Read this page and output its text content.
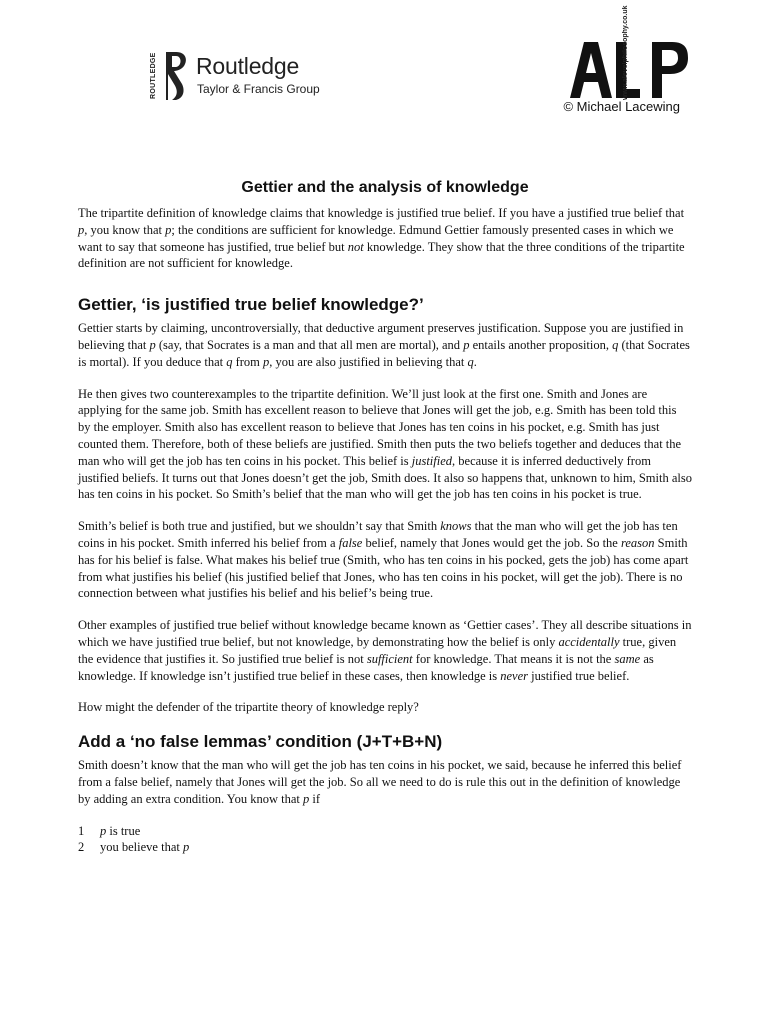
ROUTLEDGE	Routledge
Taylor & Francis Group	www.alevelphilosophy.co.uk
© Michael Lacewing
Gettier and the analysis of knowledge

The tripartite definition of knowledge claims that knowledge is justified true belief. If you have a justified true belief that p, you know that p; the conditions are sufficient for knowledge. Edmund Gettier famously presented cases in which we want to say that someone has justified, true belief but not knowledge. They show that the three conditions of the tripartite definition are not sufficient for knowledge.

Gettier, ‘is justified true belief knowledge?’

Gettier starts by claiming, uncontroversially, that deductive argument preserves justification. Suppose you are justified in believing that p (say, that Socrates is a man and that all men are mortal), and p entails another proposition, q (that Socrates is mortal). If you deduce that q from p, you are also justified in believing that q.

He then gives two counterexamples to the tripartite definition. We’ll just look at the first one. Smith and Jones are applying for the same job. Smith has excellent reason to believe that Jones will get the job, e.g. Smith has been told this by the employer. Smith also has excellent reason to believe that Jones has ten coins in his pocket, e.g. Smith has just counted them. Therefore, both of these beliefs are justified. Smith then puts the two beliefs together and deduces that the man who will get the job has ten coins in his pocket. This belief is justified, because it is inferred deductively from justified beliefs. It turns out that Jones doesn’t get the job, Smith does. It also so happens that, unknown to him, Smith also has ten coins in his pocket. So Smith’s belief that the man who will get the job has ten coins in his pocket is true.

Smith’s belief is both true and justified, but we shouldn’t say that Smith knows that the man who will get the job has ten coins in his pocket. Smith inferred his belief from a false belief, namely that Jones would get the job. So the reason Smith has for his belief is false. What makes his belief true (Smith, who has ten coins in his pocked, gets the job) has come apart from what justifies his belief (his justified belief that Jones, who has ten coins in his pocket, will get the job). There is no connection between what justifies his belief and his belief’s being true.

Other examples of justified true belief without knowledge became known as ‘Gettier cases’. They all describe situations in which we have justified true belief, but not knowledge, by demonstrating how the belief is only accidentally true, given the evidence that justifies it. So justified true belief is not sufficient for knowledge. That means it is not the same as knowledge. If knowledge isn’t justified true belief in these cases, then knowledge is never justified true belief.

How might the defender of the tripartite theory of knowledge reply?

Add a ‘no false lemmas’ condition (J+T+B+N)

Smith doesn’t know that the man who will get the job has ten coins in his pocket, we said, because he inferred this belief from a false belief, namely that Jones will get the job. So all we need to do is rule this out in the definition of knowledge by adding an extra condition. You know that p if

1	p is true
2	you believe that p
